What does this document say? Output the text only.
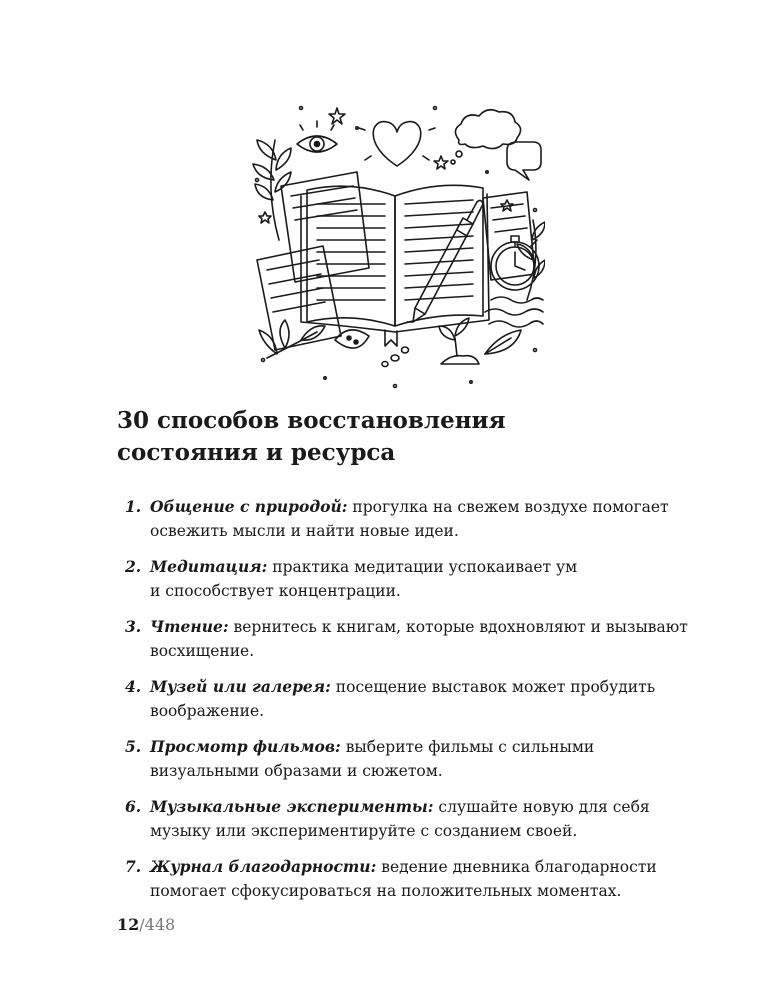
30 способов восстановления
состояния и ресурса
1. Общение с природой: прогулка на свежем воздухе помогает
освежить мысли и найти новые идеи.
2. Медитация: практика медитации успокаивает ум
и способствует концентрации.
3. Чтение: вернитесь к книгам, которые вдохновляют и вызывают
восхищение.
4. Музей или галерея: посещение выставок может пробудить
воображение.
5. Просмотр фильмов: выберите фильмы с сильными
визуальными образами и сюжетом.
6. Музыкальные эксперименты: слушайте новую для себя
музыку или экспериментируйте с созданием своей.
7. Журнал благодарности: ведение дневника благодарности
помогает сфокусироваться на положительных моментах.
12/448
